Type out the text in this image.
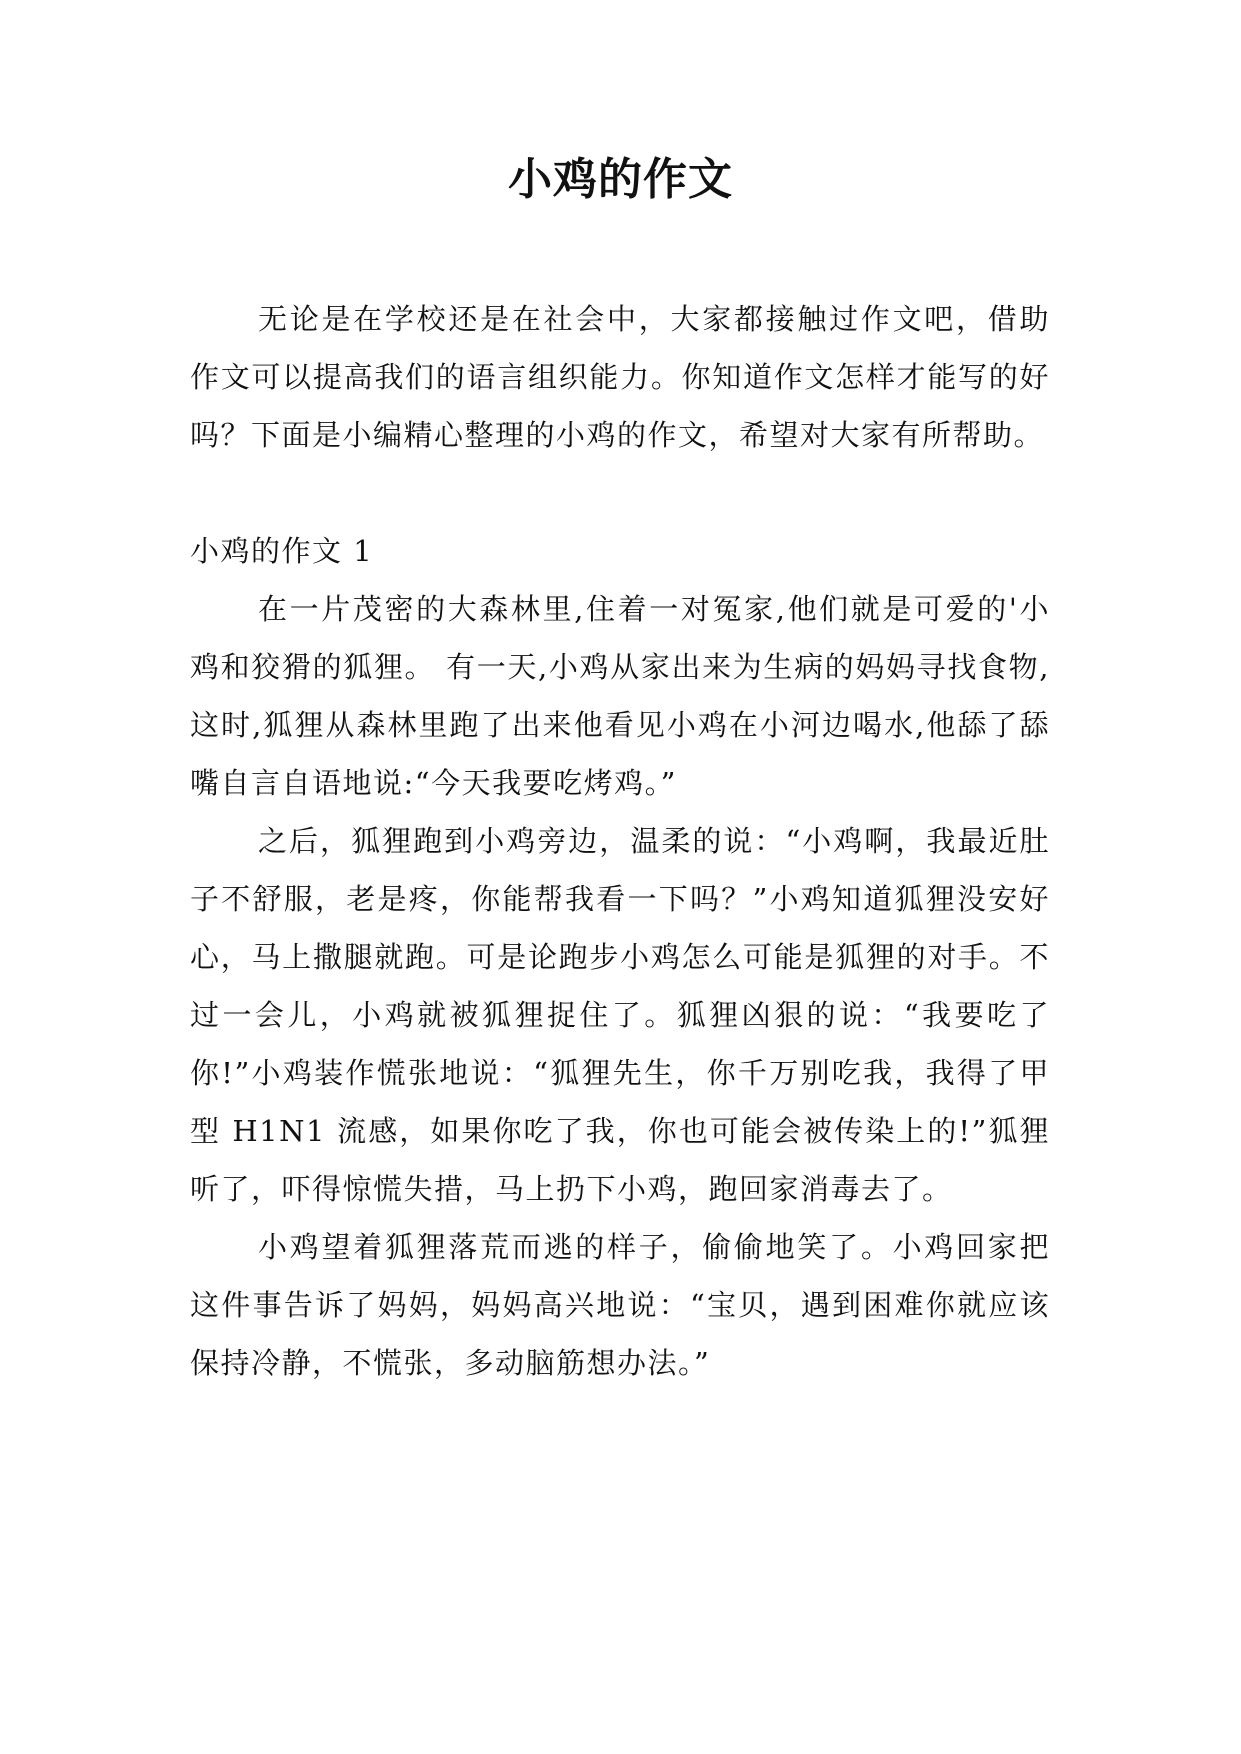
小鸡的作文

无论是在学校还是在社会中，大家都接触过作文吧，借助作文可以提高我们的语言组织能力。你知道作文怎样才能写的好吗？下面是小编精心整理的小鸡的作文，希望对大家有所帮助。

小鸡的作文 1

在一片茂密的大森林里,住着一对冤家,他们就是可爱的'小鸡和狡猾的狐狸。 有一天,小鸡从家出来为生病的妈妈寻找食物,这时,狐狸从森林里跑了出来他看见小鸡在小河边喝水,他舔了舔嘴自言自语地说:“今天我要吃烤鸡。”

之后，狐狸跑到小鸡旁边，温柔的说：“小鸡啊，我最近肚子不舒服，老是疼，你能帮我看一下吗？”小鸡知道狐狸没安好心，马上撒腿就跑。可是论跑步小鸡怎么可能是狐狸的对手。不过一会儿，小鸡就被狐狸捉住了。狐狸凶狠的说：“我要吃了你!”小鸡装作慌张地说：“狐狸先生，你千万别吃我，我得了甲型 H1N1 流感，如果你吃了我，你也可能会被传染上的!”狐狸听了，吓得惊慌失措，马上扔下小鸡，跑回家消毒去了。

小鸡望着狐狸落荒而逃的样子，偷偷地笑了。小鸡回家把这件事告诉了妈妈，妈妈高兴地说：“宝贝，遇到困难你就应该保持冷静，不慌张，多动脑筋想办法。”
